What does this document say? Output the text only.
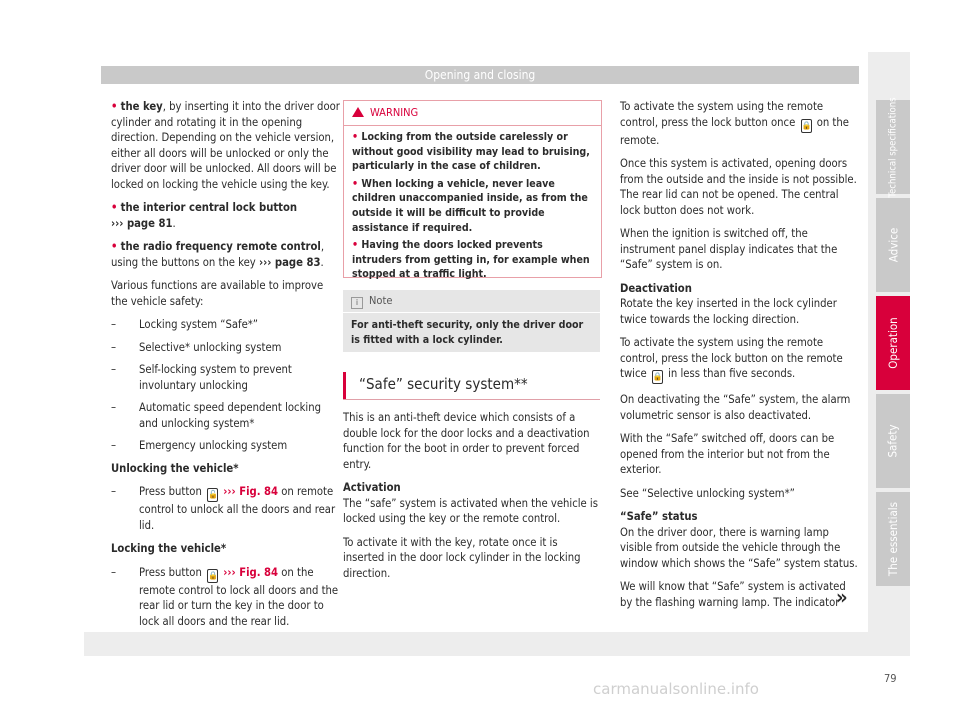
Opening and closing

• the key, by inserting it into the driver door cylinder and rotating it in the opening direction. Depending on the vehicle version, either all doors will be unlocked or only the driver door will be unlocked. All doors will be locked on locking the vehicle using the key.

• the interior central lock button
››› page 81.

• the radio frequency remote control, using the buttons on the key ››› page 83.

Various functions are available to improve the vehicle safety:

–	Locking system “Safe*”
–	Selective* unlocking system
–	Self-locking system to prevent involuntary unlocking
–	Automatic speed dependent locking and unlocking system*
–	Emergency unlocking system

Unlocking the vehicle*

–	Press button 🔓 ››› Fig. 84 on remote control to unlock all the doors and rear lid.

Locking the vehicle*

–	Press button 🔒 ››› Fig. 84 on the remote control to lock all doors and the rear lid or turn the key in the door to lock all doors and the rear lid.
WARNING

• Locking from the outside carelessly or without good visibility may lead to bruising, particularly in the case of children.

• When locking a vehicle, never leave children unaccompanied inside, as from the outside it will be difficult to provide assistance if required.

• Having the doors locked prevents intruders from getting in, for example when stopped at a traffic light.

i Note
For anti-theft security, only the driver door is fitted with a lock cylinder.
“Safe” security system**

This is an anti-theft device which consists of a double lock for the door locks and a deactivation function for the boot in order to prevent forced entry.

Activation

The “safe” system is activated when the vehicle is locked using the key or the remote control.

To activate it with the key, rotate once it is inserted in the door lock cylinder in the locking direction.

To activate the system using the remote control, press the lock button once 🔒 on the remote.

Once this system is activated, opening doors from the outside and the inside is not possible. The rear lid can not be opened. The central lock button does not work.

When the ignition is switched off, the instrument panel display indicates that the “Safe” system is on.

Deactivation

Rotate the key inserted in the lock cylinder twice towards the locking direction.

To activate the system using the remote control, press the lock button on the remote twice 🔒 in less than five seconds.

On deactivating the “Safe” system, the alarm volumetric sensor is also deactivated.

With the “Safe” switched off, doors can be opened from the interior but not from the exterior.

See “Selective unlocking system*”

“Safe” status

On the driver door, there is warning lamp visible from outside the vehicle through the window which shows the “Safe” system status.

We will know that “Safe” system is activated by the flashing warning lamp. The indicator

»
Technical specifications
Advice
Operation
Safety
The essentials
79
carmanualsonline.info
